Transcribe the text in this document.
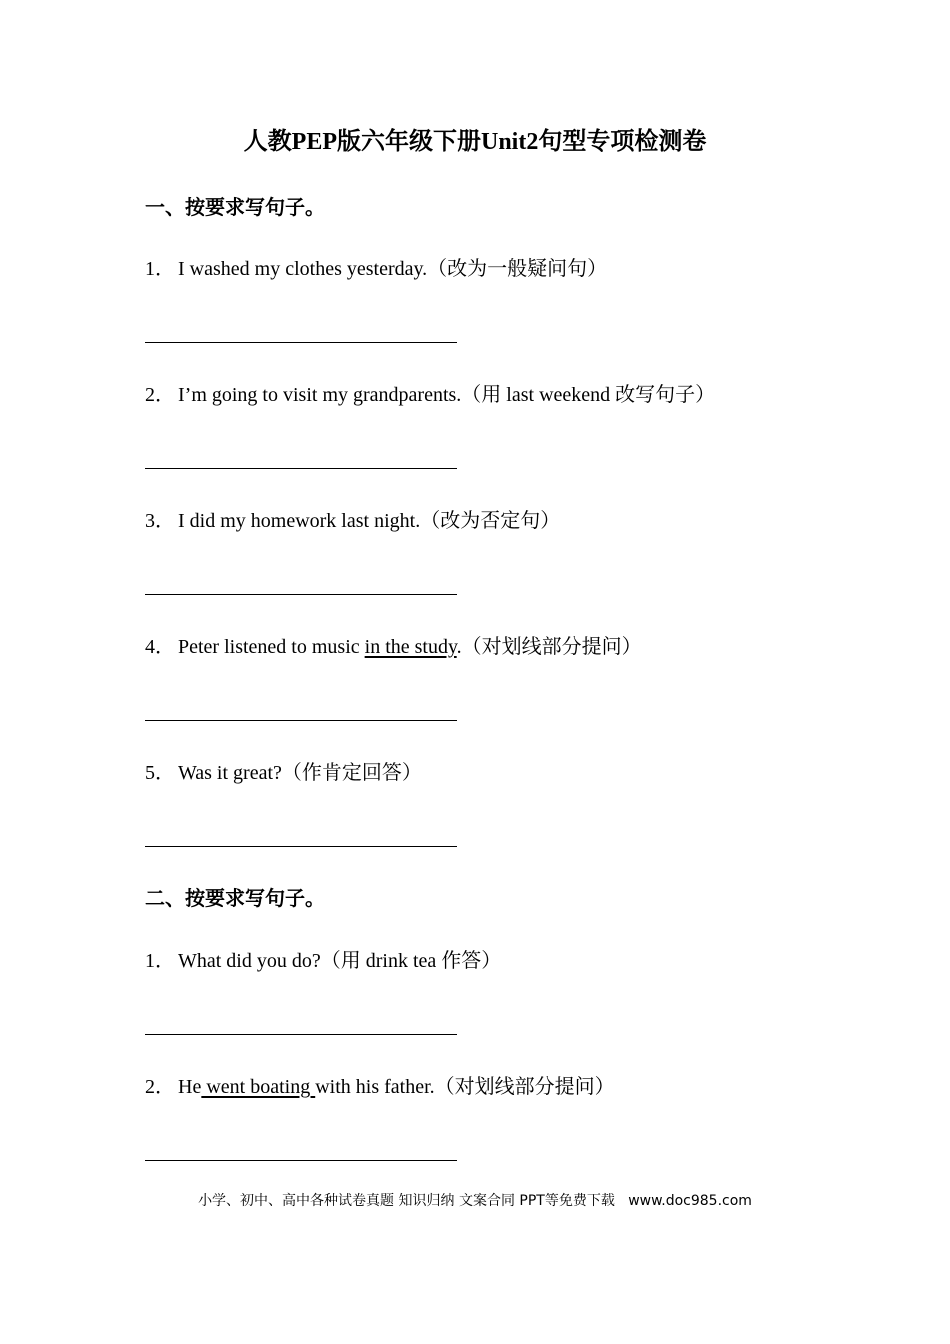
人教PEP版六年级下册Unit2句型专项检测卷
一、按要求写句子。
1． I washed my clothes yesterday.（改为一般疑问句）
2． I’m going to visit my grandparents.（用 last weekend 改写句子）
3． I did my homework last night.（改为否定句）
4． Peter listened to music in the study.（对划线部分提问）
5． Was it great?（作肯定回答）
二、按要求写句子。
1． What did you do?（用 drink tea 作答）
2． He went boating with his father.（对划线部分提问）
小学、初中、高中各种试卷真题 知识归纳 文案合同 PPT等免费下载   www.doc985.com
